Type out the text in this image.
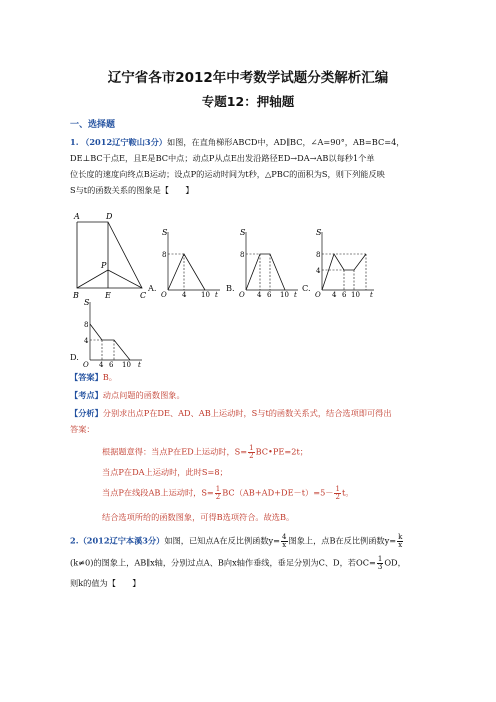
辽宁省各市2012年中考数学试题分类解析汇编
专题12：押轴题
一、选择题
1. （2012辽宁鞍山3分）如图，在直角梯形ABCD中，AD∥BC，∠A=90°，AB=BC=4，
DE⊥BC于点E，且E是BC中点；动点P从点E出发沿路径ED→DA→AB以每秒1个单
位长度的速度向终点B运动；设点P的运动时间为t秒，△PBC的面积为S，则下列能反映
S与t的函数关系的图象是【　　】
A	D
P
B	E	C
A.
S
8
O 4 10 t
B.
S
8
O 4 6 10 t
C.
S
8
4
O 4 6 10 t
D.
S
8
4
O 4 6 10 t
【答案】B。
【考点】动点问题的函数图象。
【分析】分别求出点P在DE、AD、AB上运动时，S与t的函数关系式，结合选项即可得出
答案：
根据题意得：当点P在ED上运动时，$S= \frac{1}{2}$ BC•PE=2t；
当点P在DA上运动时，此时S=8；
当点P在线段AB上运动时，$S= \frac{1}{2} BC(AB+AD+DE-t)=5- \frac{1}{2}$ t。
结合选项所给的函数图象，可得B选项符合。故选B。
2.（2012辽宁本溪3分）如图，已知点A在反比例函数$y= \frac{4}{x}$ 图象上，点B在反比例函数$y= \frac{k}{x}$
(k≠0)的图象上，AB∥x轴，分别过点A、B向x轴作垂线，垂足分别为C、D，若$OC= \frac{1}{3}$ OD，
则k的值为【　　】
